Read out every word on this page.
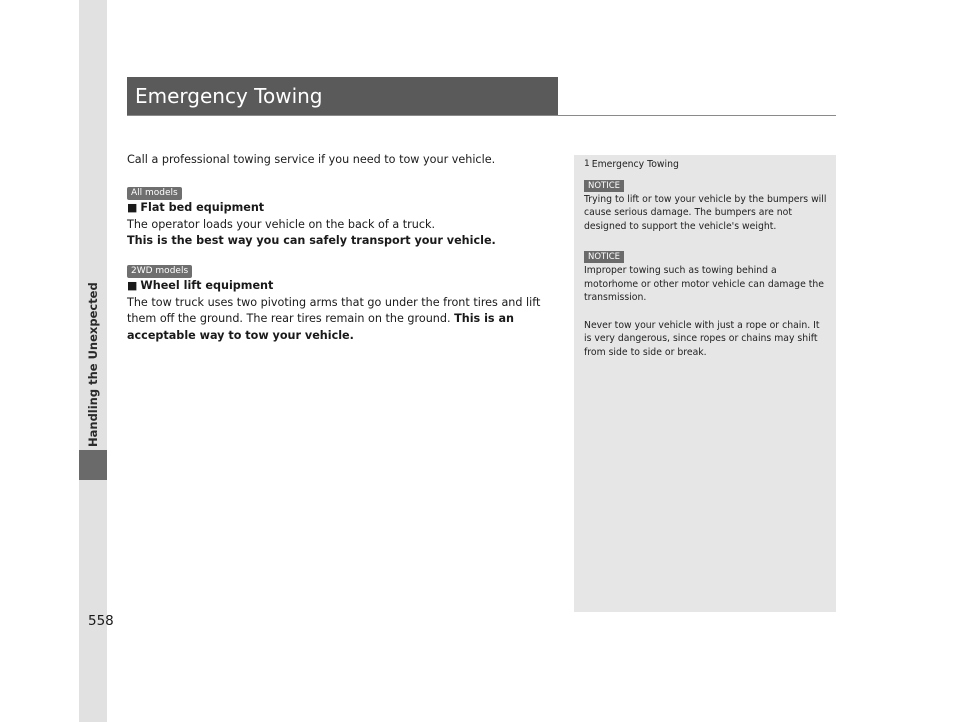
Handling the Unexpected
558
Emergency Towing

Call a professional towing service if you need to tow your vehicle.

All models

■ Flat bed equipment

The operator loads your vehicle on the back of a truck.

This is the best way you can safely transport your vehicle.

2WD models

■ Wheel lift equipment

The tow truck uses two pivoting arms that go under the front tires and lift them off the ground. The rear tires remain on the ground. This is an acceptable way to tow your vehicle.

1 Emergency Towing
NOTICE

Trying to lift or tow your vehicle by the bumpers will cause serious damage. The bumpers are not designed to support the vehicle's weight.

NOTICE

Improper towing such as towing behind a motorhome or other motor vehicle can damage the transmission.

Never tow your vehicle with just a rope or chain. It is very dangerous, since ropes or chains may shift from side to side or break.
